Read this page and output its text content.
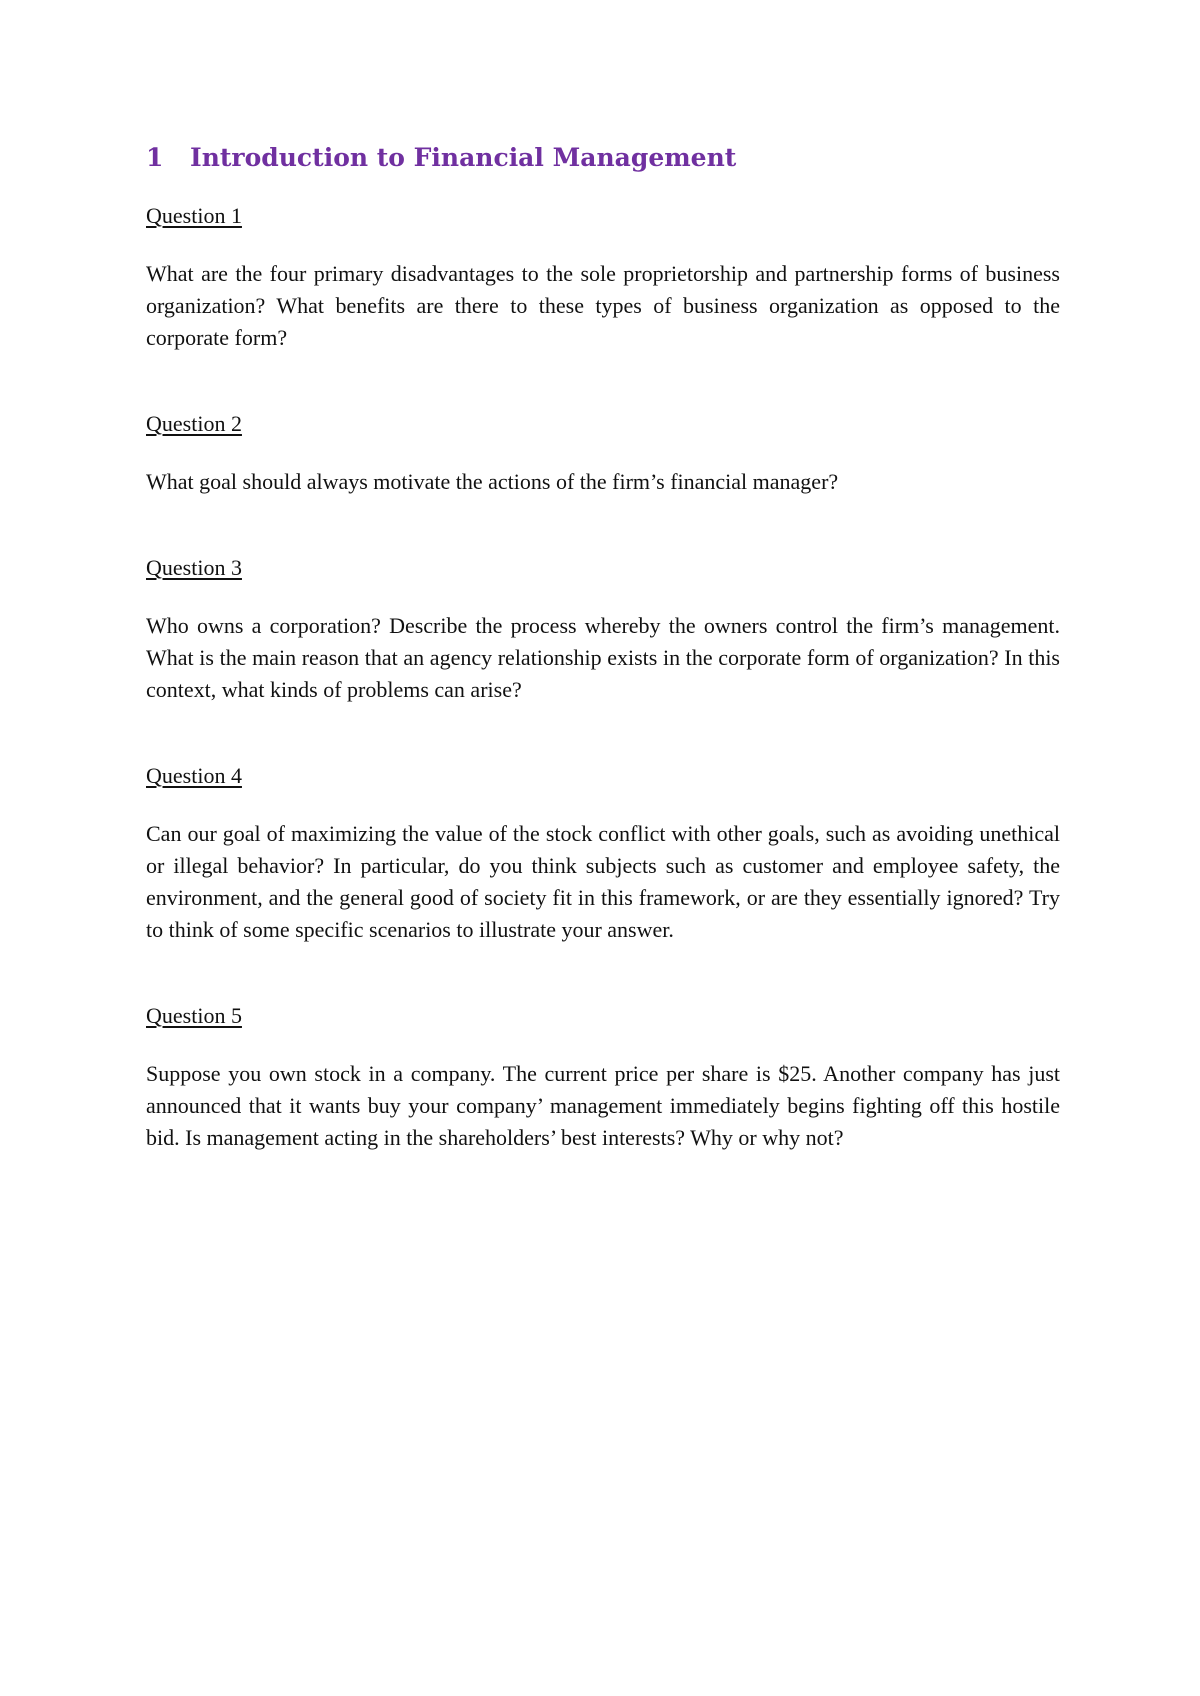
1 Introduction to Financial Management

Question 1

What are the four primary disadvantages to the sole proprietorship and partnership forms of business organization? What benefits are there to these types of business organization as opposed to the corporate form?

Question 2

What goal should always motivate the actions of the firm’s financial manager?

Question 3

Who owns a corporation? Describe the process whereby the owners control the firm’s management. What is the main reason that an agency relationship exists in the corporate form of organization? In this context, what kinds of problems can arise?

Question 4

Can our goal of maximizing the value of the stock conflict with other goals, such as avoiding unethical or illegal behavior? In particular, do you think subjects such as customer and employee safety, the environment, and the general good of society fit in this framework, or are they essentially ignored? Try to think of some specific scenarios to illustrate your answer.

Question 5

Suppose you own stock in a company. The current price per share is $25. Another company has just announced that it wants buy your company’ management immediately begins fighting off this hostile bid. Is management acting in the shareholders’ best interests? Why or why not?
